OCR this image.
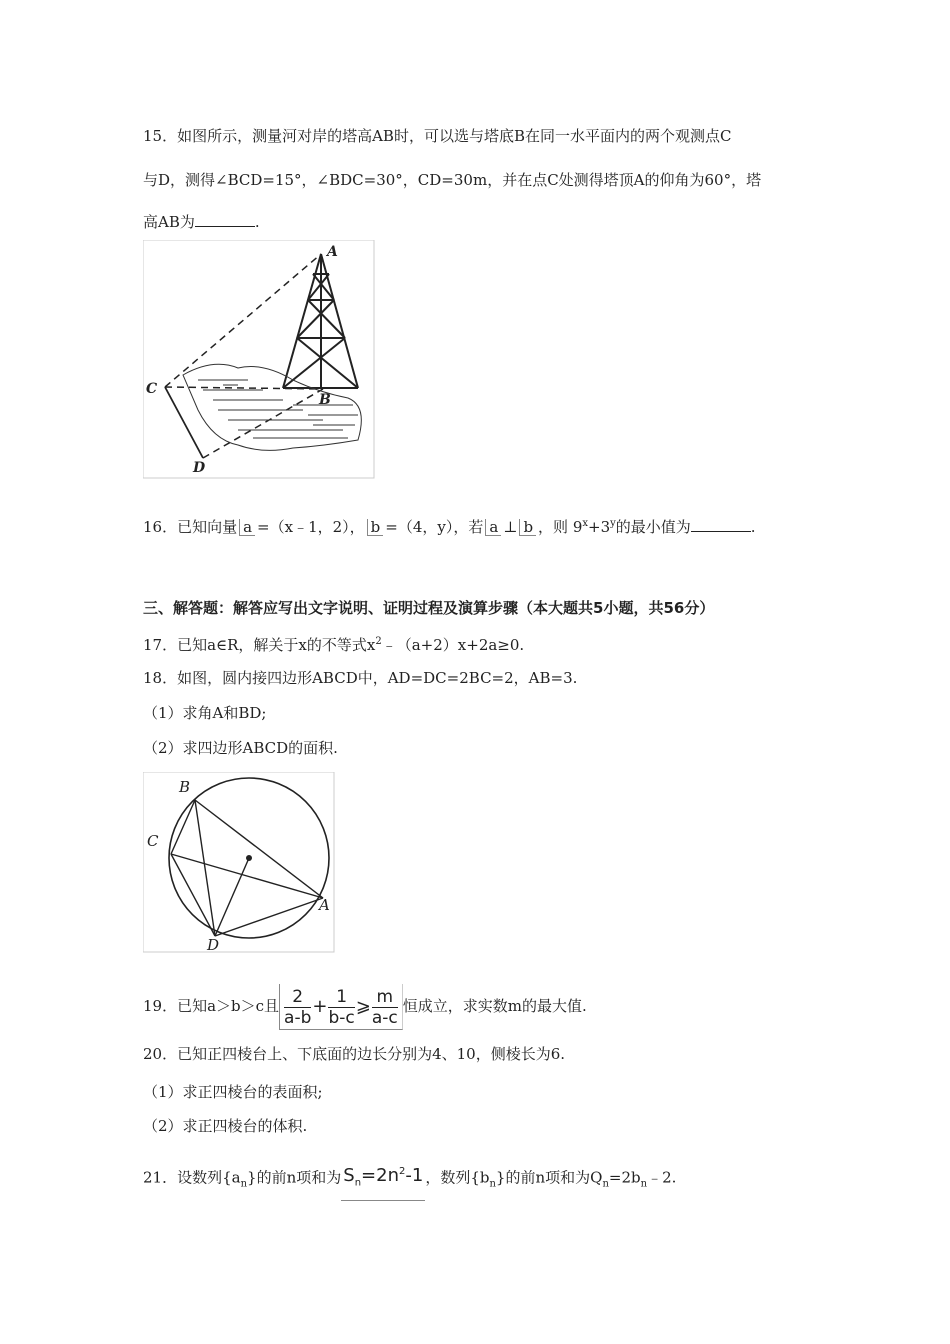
15．如图所示，测量河对岸的塔高AB时，可以选与塔底B在同一水平面内的两个观测点C
与D，测得∠BCD=15°，∠BDC=30°，CD=30m，并在点C处测得塔顶A的仰角为60°，塔
高AB为	.
A
B
C
D
16．已知向量 a =（x﹣1，2）， b =（4，y），若 a ⊥ b ，则 $9^x+3^y$的最小值为	.
三、解答题：解答应写出文字说明、证明过程及演算步骤（本大题共5小题，共56分）
17．已知a∈R，解关于x的不等式$x^2﹣(a+2)x+2a\ge 0$.
18．如图，圆内接四边形ABCD中，AD=DC=2BC=2，AB=3.
（1）求角A和BD;
（2）求四边形ABCD的面积.
B
C
A
D
19．已知a＞b＞c且 $\frac{2}{a-b} + \frac{1}{b-c}$ ⩾ $\frac{m}{a-c}$ 恒成立，求实数m的最大值.
20．已知正四棱台上、下底面的边长分别为4、10，侧棱长为6.
（1）求正四棱台的表面积;
（2）求正四棱台的体积.
21．设数列$\{a_n\}$的前n项和为 $S_n=2n^2-1$ ，数列$\{b_n\}$的前n项和为$Q_n=2b_n﹣2$.
